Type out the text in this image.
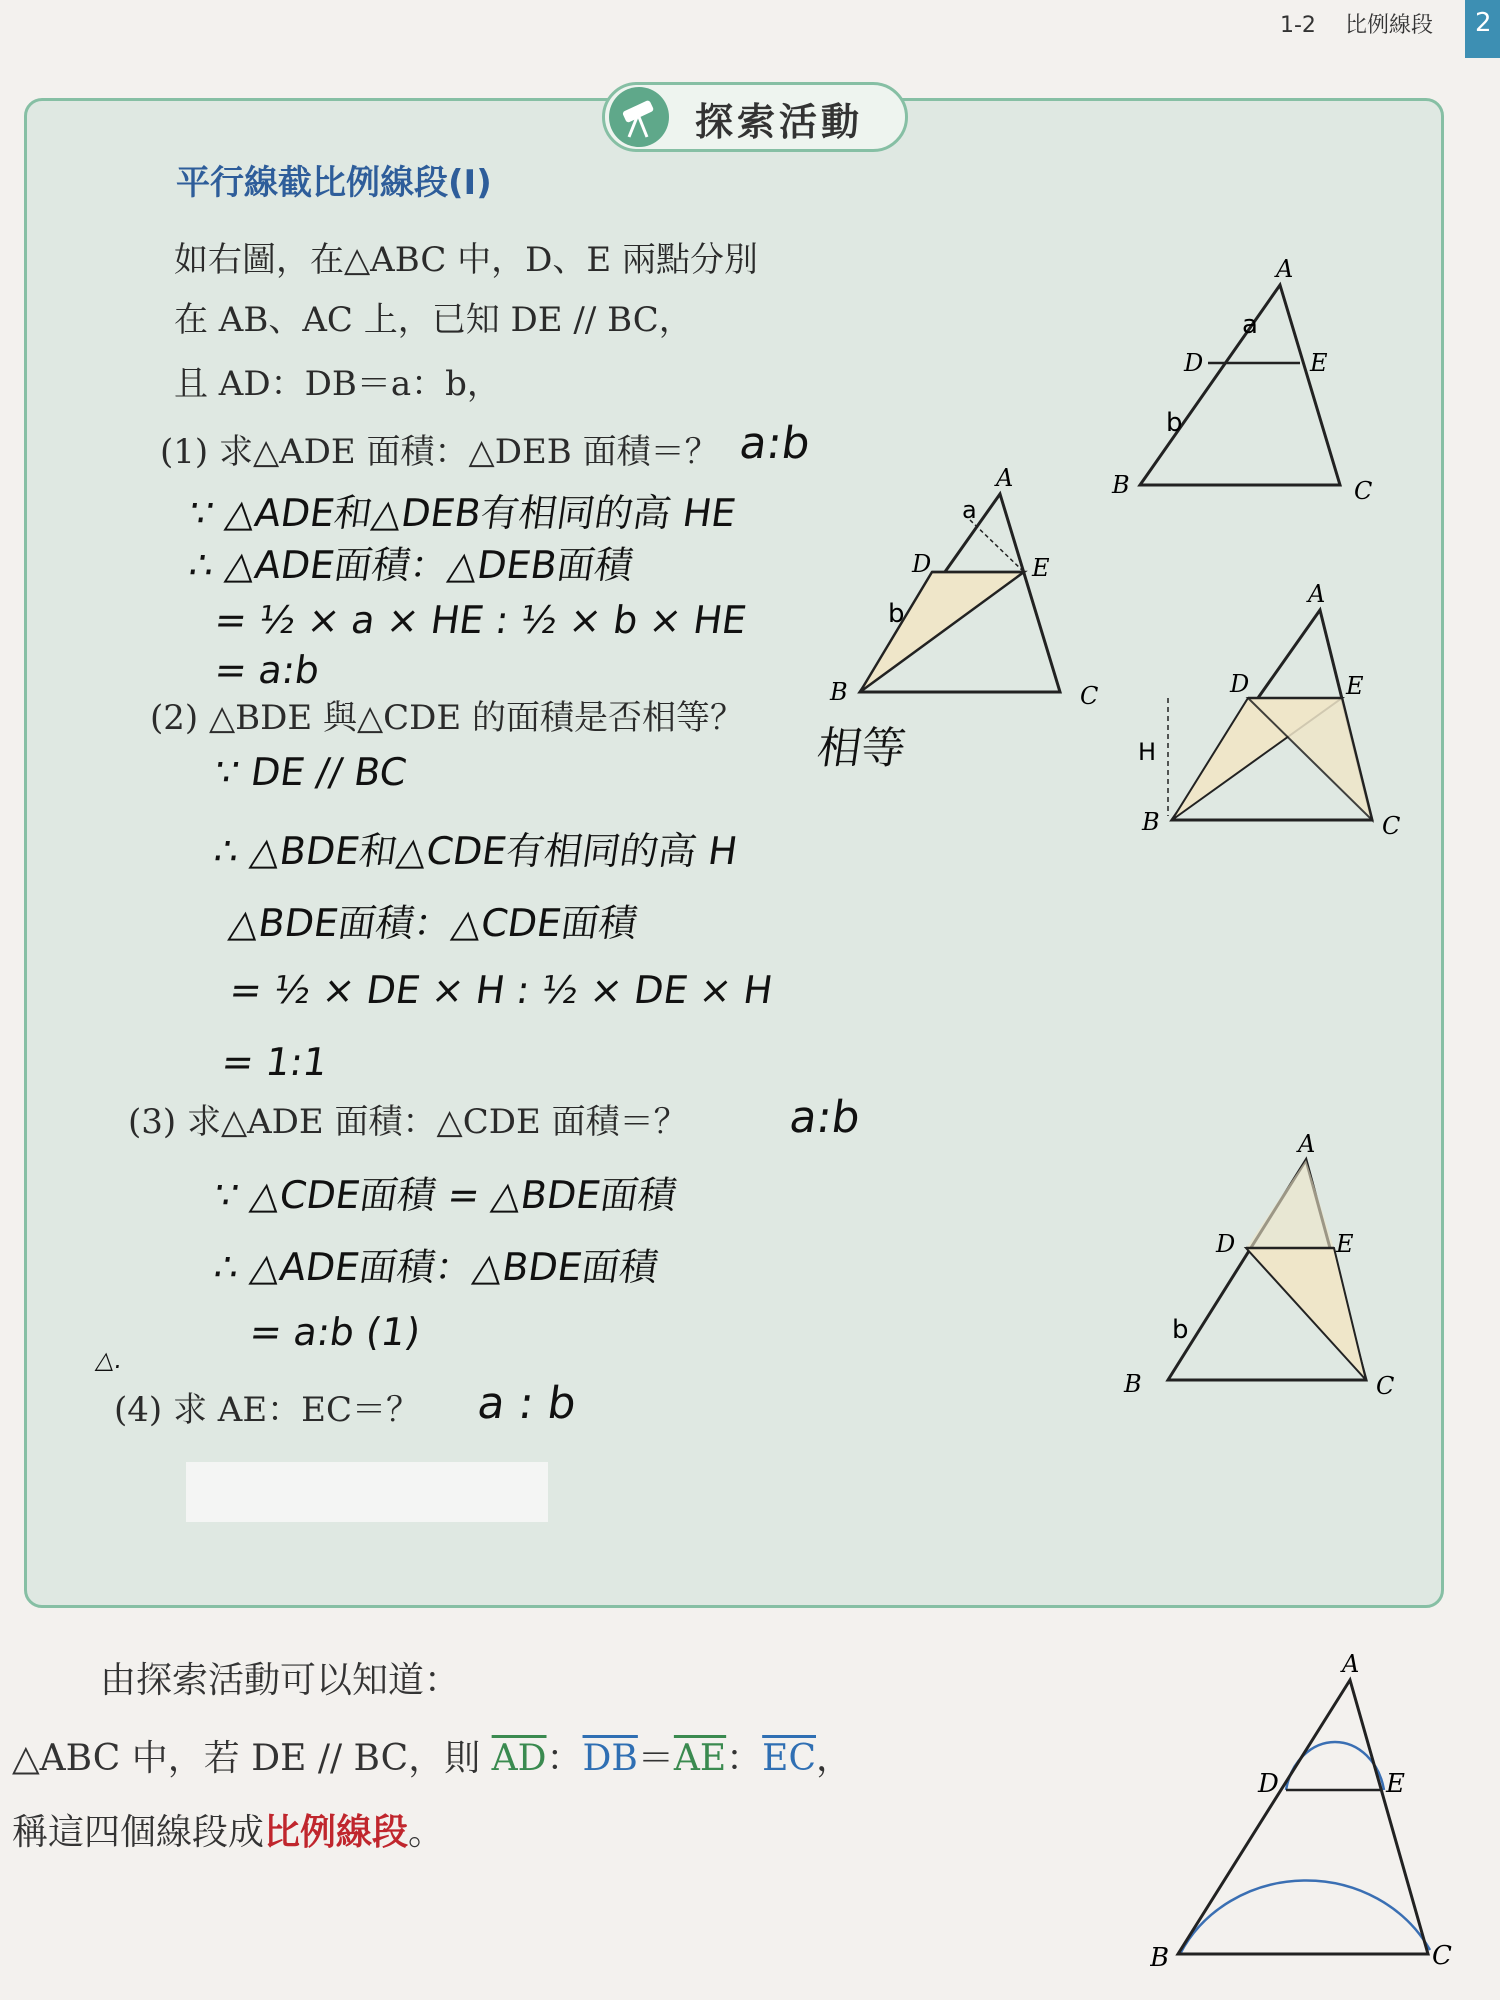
1-2 比例線段	2
探索活動
平行線截比例線段(I)
如右圖，在△ABC 中，D、E 兩點分別
在 AB、AC 上，已知 DE // BC，
且 AD：DB＝a：b，
(1) 求△ADE 面積：△DEB 面積＝？ a:b
∵ △ADE和△DEB有相同的高 HE
∴ △ADE面積：△DEB面積
= ½ × a × HE : ½ × b × HE
= a:b
(2) △BDE 與△CDE 的面積是否相等？
相等
∵ DE // BC
∴ △BDE和△CDE有相同的高 H
△BDE面積：△CDE面積
= ½ × DE × H : ½ × DE × H
= 1:1
(3) 求△ADE 面積：△CDE 面積＝？ a:b
∵ △CDE面積 = △BDE面積
∴ △ADE面積：△BDE面積
= a:b (1)
△.
(4) 求 AE：EC＝？ a : b
A
D	E
B	C
a
b
A
D	E
B	C
a
b
A
D	E
B	C
H
A
D	E
B	C
b
由探索活動可以知道：
△ABC 中，若 DE // BC，則 $\overline{AD}$：$\overline{DB}=\overline{AE}$：$\overline{EC}$，
稱這四個線段成比例線段。
A
D	E
B	C
